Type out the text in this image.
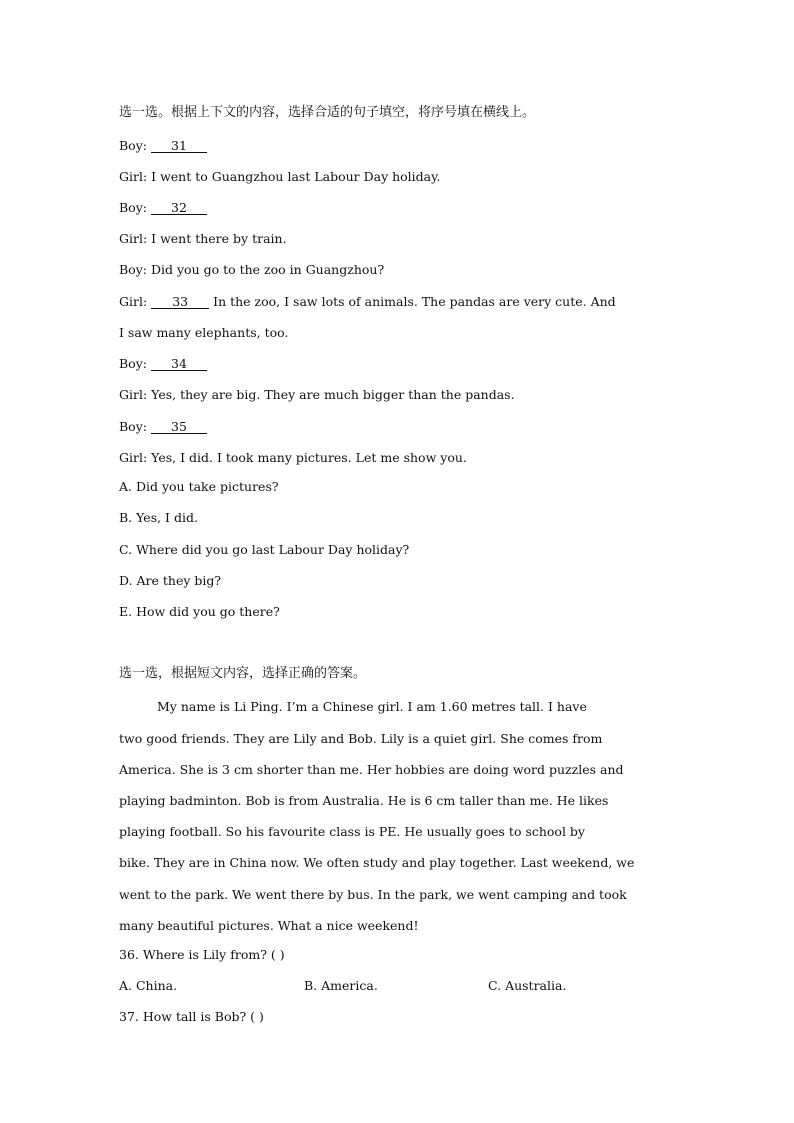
选一选。根据上下文的内容，选择合适的句子填空，将序号填在横线上。
Boy: 31
Girl: I went to Guangzhou last Labour Day holiday.
Boy: 32
Girl: I went there by train.
Boy: Did you go to the zoo in Guangzhou?
Girl: 33 In the zoo, I saw lots of animals. The pandas are very cute. And
I saw many elephants, too.
Boy: 34
Girl: Yes, they are big. They are much bigger than the pandas.
Boy: 35
Girl: Yes, I did. I took many pictures. Let me show you.
A. Did you take pictures?
B. Yes, I did.
C. Where did you go last Labour Day holiday?
D. Are they big?
E. How did you go there?
选一选，根据短文内容，选择正确的答案。
My name is Li Ping. I’m a Chinese girl. I am 1.60 metres tall. I have
two good friends. They are Lily and Bob. Lily is a quiet girl. She comes from
America. She is 3 cm shorter than me. Her hobbies are doing word puzzles and
playing badminton. Bob is from Australia. He is 6 cm taller than me. He likes
playing football. So his favourite class is PE. He usually goes to school by
bike. They are in China now. We often study and play together. Last weekend, we
went to the park. We went there by bus. In the park, we went camping and took
many beautiful pictures. What a nice weekend!
36. Where is Lily from? ( )
A. China.	B. America.	C. Australia.
37. How tall is Bob? ( )
